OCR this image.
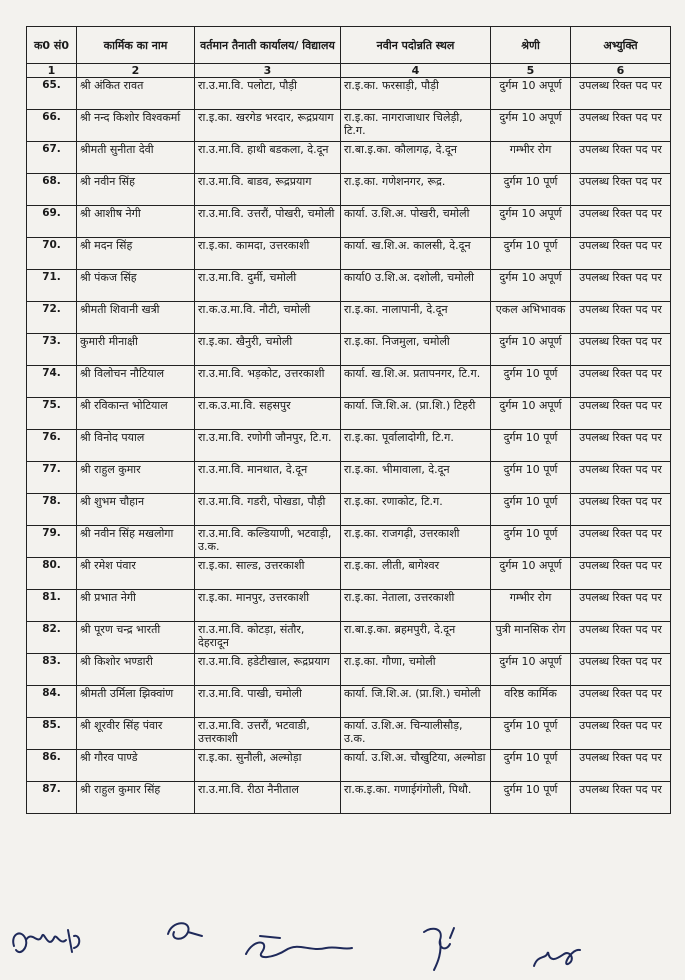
क0 सं0	कार्मिक का नाम	वर्तमान तैनाती कार्यालय/ विद्यालय	नवीन पदोन्नति स्थल	श्रेणी	अभ्युक्ति
1	2	3	4	5	6
65.	श्री अंकित रावत	रा.उ.मा.वि. पलोटा, पौड़ी	रा.इ.का. फरसाड़ी, पौड़ी	दुर्गम 10 अपूर्ण	उपलब्ध रिक्त पद पर
66.	श्री नन्द किशोर विश्वकर्मा	रा.इ.का. खरगेड भरदार, रूद्रप्रयाग	रा.इ.का. नागराजाधार चिलेड़ी, टि.ग.	दुर्गम 10 अपूर्ण	उपलब्ध रिक्त पद पर
67.	श्रीमती सुनीता देवी	रा.उ.मा.वि. हाथी बडकला, दे.दून	रा.बा.इ.का. कौलागढ़, दे.दून	गम्भीर रोग	उपलब्ध रिक्त पद पर
68.	श्री नवीन सिंह	रा.उ.मा.वि. बाडव, रूद्रप्रयाग	रा.इ.का. गणेशनगर, रूद्र.	दुर्गम 10 पूर्ण	उपलब्ध रिक्त पद पर
69.	श्री आशीष नेगी	रा.उ.मा.वि. उत्तरौं, पोखरी, चमोली	कार्या. उ.शि.अ. पोखरी, चमोली	दुर्गम 10 अपूर्ण	उपलब्ध रिक्त पद पर
70.	श्री मदन सिंह	रा.इ.का. कामदा, उत्तरकाशी	कार्या. ख.शि.अ. कालसी, दे.दून	दुर्गम 10 पूर्ण	उपलब्ध रिक्त पद पर
71.	श्री पंकज सिंह	रा.उ.मा.वि. दुर्मी, चमोली	कार्या0 उ.शि.अ. दशोली, चमोली	दुर्गम 10 अपूर्ण	उपलब्ध रिक्त पद पर
72.	श्रीमती शिवानी खत्री	रा.क.उ.मा.वि. नौटी, चमोली	रा.इ.का. नालापानी, दे.दून	एकल अभिभावक	उपलब्ध रिक्त पद पर
73.	कुमारी मीनाक्षी	रा.इ.का. खैनुरी, चमोली	रा.इ.का. निजमुला, चमोली	दुर्गम 10 अपूर्ण	उपलब्ध रिक्त पद पर
74.	श्री विलोचन नौटियाल	रा.उ.मा.वि. भड़कोट, उत्तरकाशी	कार्या. ख.शि.अ. प्रतापनगर, टि.ग.	दुर्गम 10 पूर्ण	उपलब्ध रिक्त पद पर
75.	श्री रविकान्त भोटियाल	रा.क.उ.मा.वि. सहसपुर	कार्या. जि.शि.अ. (प्रा.शि.) टिहरी	दुर्गम 10 अपूर्ण	उपलब्ध रिक्त पद पर
76.	श्री विनोद पयाल	रा.उ.मा.वि. रणोगी जौनपुर, टि.ग.	रा.इ.का. पूर्वालादोगी, टि.ग.	दुर्गम 10 पूर्ण	उपलब्ध रिक्त पद पर
77.	श्री राहुल कुमार	रा.उ.मा.वि. मानथात, दे.दून	रा.इ.का. भीमावाला, दे.दून	दुर्गम 10 पूर्ण	उपलब्ध रिक्त पद पर
78.	श्री शुभम चौहान	रा.उ.मा.वि. गडरी, पोखडा, पौड़ी	रा.इ.का. रणाकोट, टि.ग.	दुर्गम 10 पूर्ण	उपलब्ध रिक्त पद पर
79.	श्री नवीन सिंह मखलोगा	रा.उ.मा.वि. कल्डियाणी, भटवाड़ी, उ.क.	रा.इ.का. राजगढ़ी, उत्तरकाशी	दुर्गम 10 पूर्ण	उपलब्ध रिक्त पद पर
80.	श्री रमेश पंवार	रा.इ.का. साल्ड, उत्तरकाशी	रा.इ.का. लीती, बागेश्वर	दुर्गम 10 अपूर्ण	उपलब्ध रिक्त पद पर
81.	श्री प्रभात नेगी	रा.इ.का. मानपुर, उत्तरकाशी	रा.इ.का. नेताला, उत्तरकाशी	गम्भीर रोग	उपलब्ध रिक्त पद पर
82.	श्री पूरण चन्द्र भारती	रा.उ.मा.वि. कोटड़ा, संतौर, देहरादून	रा.बा.इ.का. ब्रहमपुरी, दे.दून	पुत्री मानसिक रोग	उपलब्ध रिक्त पद पर
83.	श्री किशोर भण्डारी	रा.उ.मा.वि. हडेटीखाल, रूद्रप्रयाग	रा.इ.का. गौणा, चमोली	दुर्गम 10 अपूर्ण	उपलब्ध रिक्त पद पर
84.	श्रीमती उर्मिला झिक्वांण	रा.उ.मा.वि. पाखी, चमोली	कार्या. जि.शि.अ. (प्रा.शि.) चमोली	वरिष्ठ कार्मिक	उपलब्ध रिक्त पद पर
85.	श्री शूरवीर सिंह पंवार	रा.उ.मा.वि. उत्तरौं, भटवाडी, उत्तरकाशी	कार्या. उ.शि.अ. चिन्यालीसौड़, उ.क.	दुर्गम 10 पूर्ण	उपलब्ध रिक्त पद पर
86.	श्री गौरव पाण्डे	रा.इ.का. सुनौली, अल्मोड़ा	कार्या. उ.शि.अ. चौखुटिया, अल्मोडा	दुर्गम 10 पूर्ण	उपलब्ध रिक्त पद पर
87.	श्री राहुल कुमार सिंह	रा.उ.मा.वि. रीठा नैनीताल	रा.क.इ.का. गणाईगंगोली, पिथौ.	दुर्गम 10 पूर्ण	उपलब्ध रिक्त पद पर
